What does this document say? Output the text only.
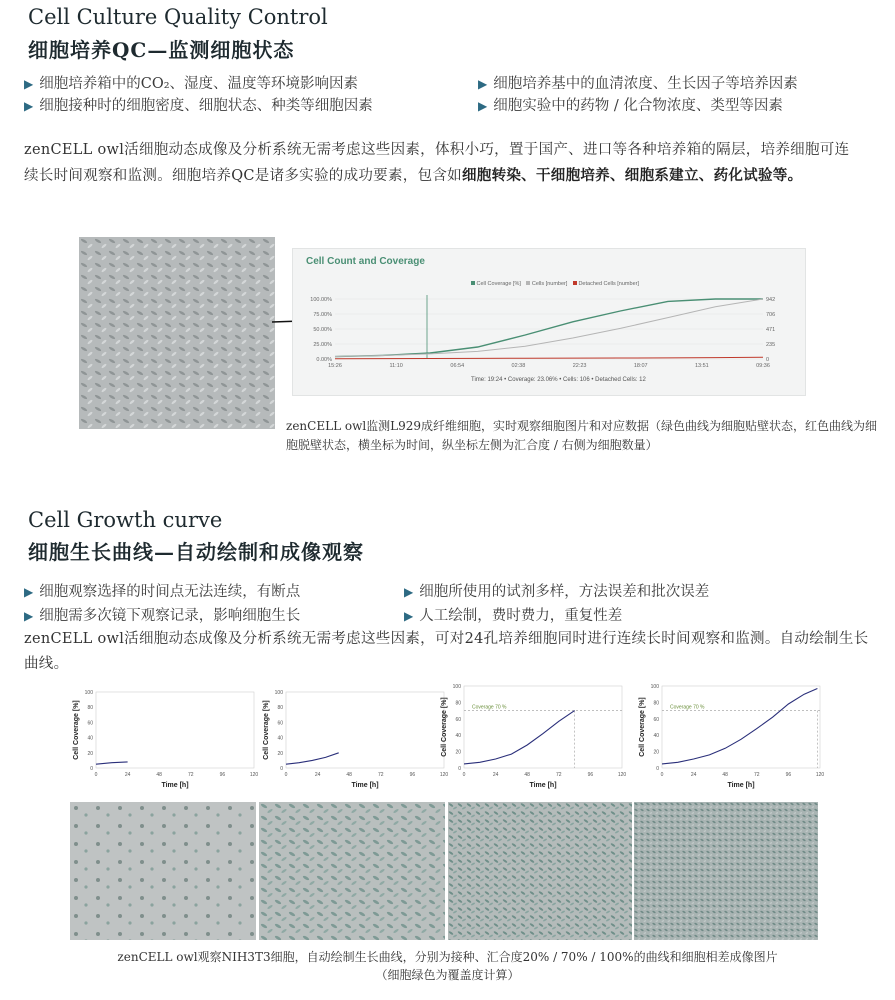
Cell Culture Quality Control
细胞培养QC—监测细胞状态
▶ 细胞培养箱中的CO₂、湿度、温度等环境影响因素	▶ 细胞培养基中的血清浓度、生长因子等培养因素
▶ 细胞接种时的细胞密度、细胞状态、种类等细胞因素	▶ 细胞实验中的药物 / 化合物浓度、类型等因素
zenCELL owl活细胞动态成像及分析系统无需考虑这些因素，体积小巧，置于国产、进口等各种培养箱的隔层，培养细胞可连续长时间观察和监测。细胞培养QC是诸多实验的成功要素，包含如细胞转染、干细胞培养、细胞系建立、药化试验等。
Cell Count and Coverage
Cell Coverage [%] Cells [number] Detached Cells [number]
0.00%
25.00%
50.00%
75.00%
100.00%
0
235
471
706
942
15:26	11:10	06:54	02:38	22:23	18:07	13:51	09:36
Time: 19:24 • Coverage: 23.06% • Cells: 106 • Detached Cells: 12
zenCELL owl监测L929成纤维细胞，实时观察细胞图片和对应数据（绿色曲线为细胞贴壁状态，红色曲线为细胞脱壁状态，横坐标为时间，纵坐标左侧为汇合度 / 右侧为细胞数量）
Cell Growth curve
细胞生长曲线—自动绘制和成像观察
▶ 细胞观察选择的时间点无法连续，有断点	▶ 细胞所使用的试剂多样，方法误差和批次误差
▶ 细胞需多次镜下观察记录，影响细胞生长	▶ 人工绘制，费时费力，重复性差
zenCELL owl活细胞动态成像及分析系统无需考虑这些因素，可对24孔培养细胞同时进行连续长时间观察和监测。自动绘制生长曲线。
0	24	48	72	96	120
0
20
40
60
80
100
Time [h]
Cell Coverage [%]
0	24	48	72	96	120
0
20
40
60
80
100
Time [h]
Cell Coverage [%]
0	24	48	72	96	120
0
20
40
60
80
100
Time [h]
Cell Coverage [%]	Coverage 70 %
0	24	48	72	96	120
0
20
40
60
80
100
Time [h]
Cell Coverage [%]	Coverage 70 %
zenCELL owl观察NIH3T3细胞，自动绘制生长曲线，分别为接种、汇合度20% / 70% / 100%的曲线和细胞相差成像图片
（细胞绿色为覆盖度计算）
